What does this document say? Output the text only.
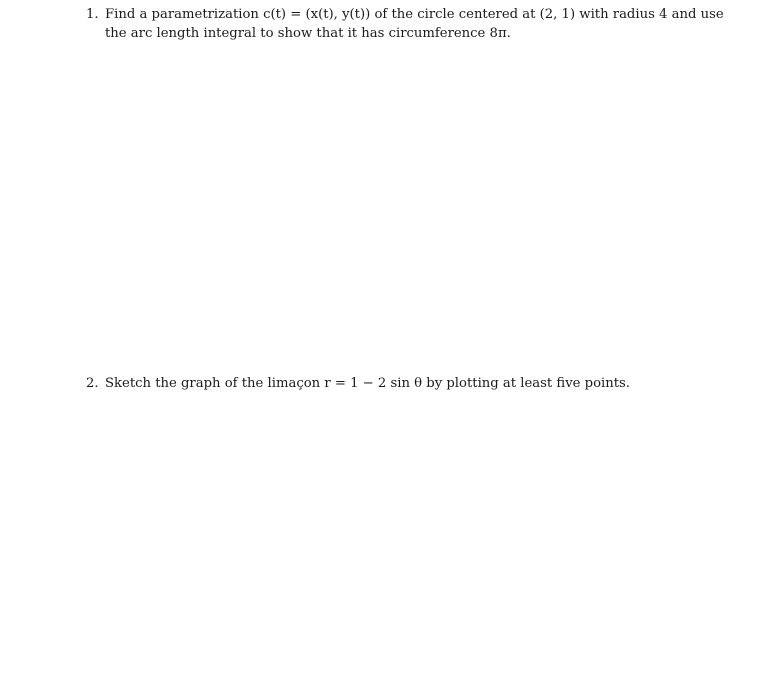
1. Find a parametrization c(t) = (x(t), y(t)) of the circle centered at (2, 1) with radius 4 and use
the arc length integral to show that it has circumference 8π.
2. Sketch the graph of the limaçon r = 1 − 2 sin θ by plotting at least five points.
